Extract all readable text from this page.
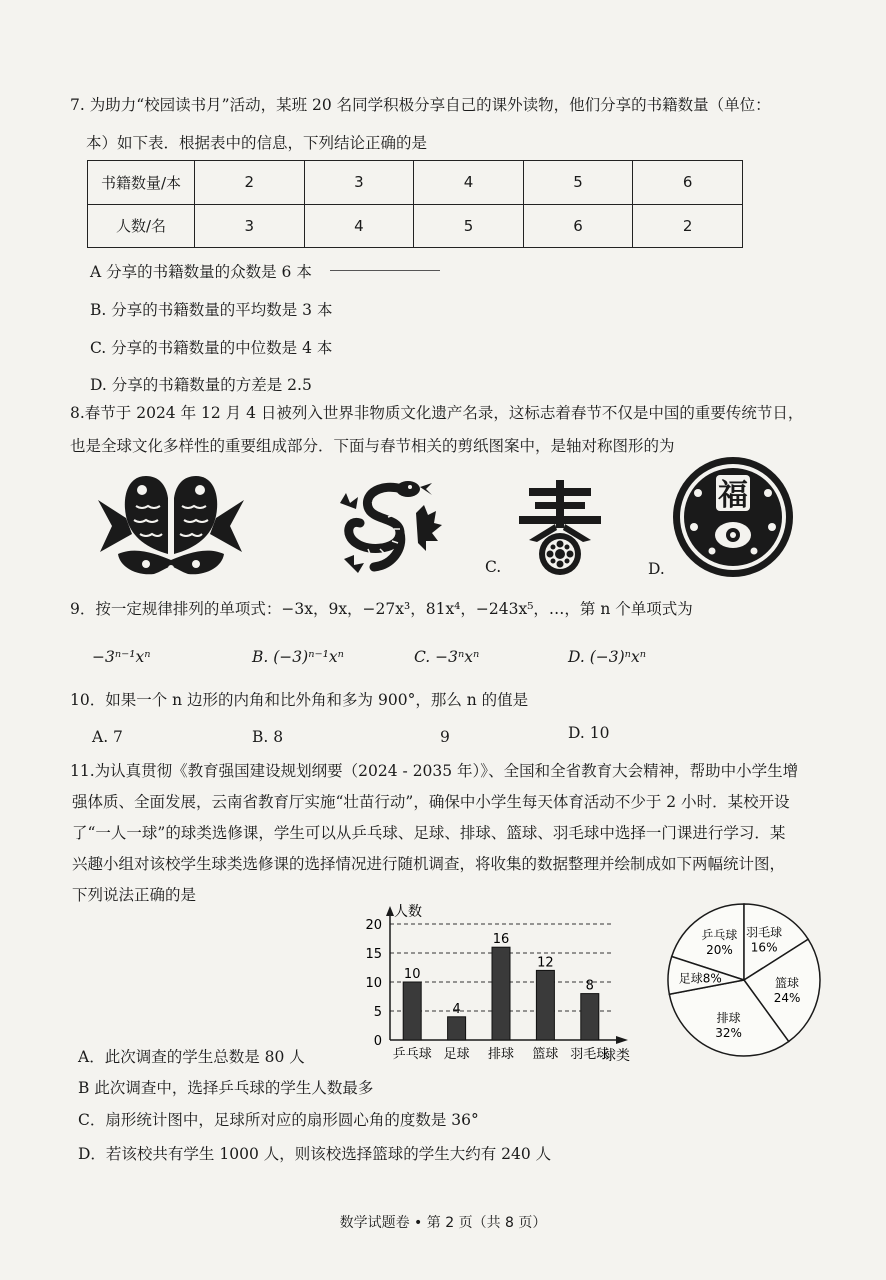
7. 为助力“校园读书月”活动，某班 20 名同学积极分享自己的课外读物，他们分享的书籍数量（单位：
本）如下表．根据表中的信息，下列结论正确的是
书籍数量/本	2	3	4	5	6
人数/名	3	4	5	6	2
A 分享的书籍数量的众数是 6 本
B. 分享的书籍数量的平均数是 3 本
C. 分享的书籍数量的中位数是 4 本
D. 分享的书籍数量的方差是 2.5
8.春节于 2024 年 12 月 4 日被列入世界非物质文化遗产名录，这标志着春节不仅是中国的重要传统节日，
也是全球文化多样性的重要组成部分．下面与春节相关的剪纸图案中，是轴对称图形的为
C.
福
D.
9．按一定规律排列的单项式：−3x，9x，−27x³，81x⁴，−243x⁵，…，第 n 个单项式为
−3ⁿ⁻¹xⁿ	B. (−3)ⁿ⁻¹xⁿ	C. −3ⁿxⁿ	D. (−3)ⁿxⁿ
10．如果一个 n 边形的内角和比外角和多为 900°，那么 n 的值是
A. 7	B. 8	9	D. 10
11.为认真贯彻《教育强国建设规划纲要（2024 - 2035 年）》、全国和全省教育大会精神，帮助中小学生增
强体质、全面发展，云南省教育厅实施“壮苗行动”，确保中小学生每天体育活动不少于 2 小时．某校开设
了“一人一球”的球类选修课，学生可以从乒乓球、足球、排球、篮球、羽毛球中选择一门课进行学习．某
兴趣小组对该校学生球类选修课的选择情况进行随机调查，将收集的数据整理并绘制成如下两幅统计图，
下列说法正确的是
人数
球类
0
5
10
15
20
10
乒乓球
4
足球
16
排球
12
篮球
8
羽毛球
乒乓球
20%
羽毛球
16%
篮球
24%
排球
32%
足球8%
A．此次调查的学生总数是 80 人
B 此次调查中，选择乒乓球的学生人数最多
C．扇形统计图中，足球所对应的扇形圆心角的度数是 36°
D．若该校共有学生 1000 人，则该校选择篮球的学生大约有 240 人
数学试题卷 • 第 2 页（共 8 页）
